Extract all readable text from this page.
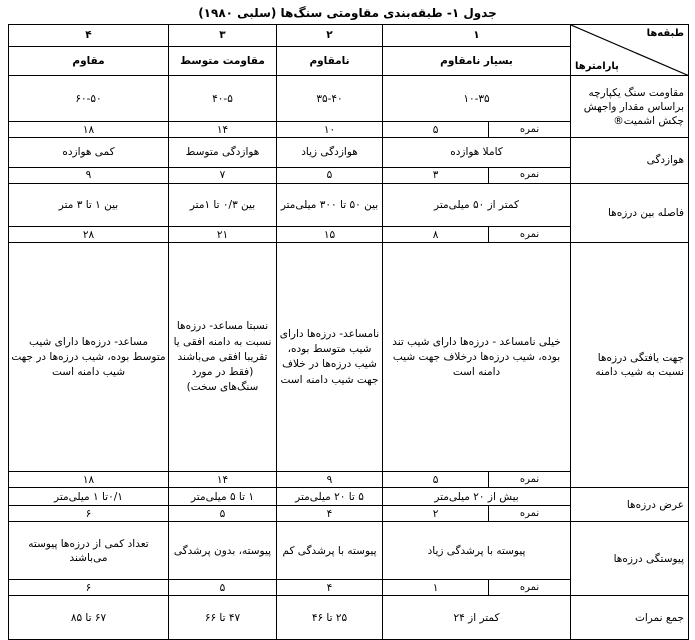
جدول ۱- طبقه‌بندی مقاومتی سنگ‌ها (سلبی ۱۹۸۰)
طبقه‌ها
پارامترها	۱		۲	۳	۴	
	بسیار نامقاوم		نامقاوم	مقاومت متوسط	مقاوم	
مقاومت سنگ یکپارچه براساس مقدار واجهش چکش اشمیت®	۱۰-۳۵		۳۵-۴۰	۴۰-۵	۶۰-۵۰	
	نمره	۵	۱۰	۱۴	۱۸	
هوازدگی	کاملا هوازده		هوازدگی زیاد	هوازدگی متوسط	کمی هوازده	
	نمره	۳	۵	۷	۹	
فاصله بین درزه‌ها	کمتر از ۵۰ میلی‌متر		بین ۵۰ تا ۳۰۰ میلی‌متر	بین ۰/۳ تا ۱متر	بین ۱ تا ۳ متر	
	نمره	۸	۱۵	۲۱	۲۸	
جهت یافتگی درزه‌ها نسبت به شیب دامنه	خیلی نامساعد - درزه‌ها دارای شیب تند بوده، شیب درزه‌ها درخلاف جهت شیب دامنه است		نامساعد- درزه‌ها دارای شیب متوسط بوده، شیب درزه‌ها در خلاف جهت شیب دامنه است	نسبتا مساعد- درزه‌ها نسبت به دامنه افقی یا تقریبا افقی می‌باشند (فقط در مورد سنگ‌های سخت)	مساعد- درزه‌ها دارای شیب متوسط بوده، شیب درزه‌ها در جهت شیب دامنه است	
	نمره	۵	۹	۱۴	۱۸	
عرض درزه‌ها	بیش از ۲۰ میلی‌متر		۵ تا ۲۰ میلی‌متر	۱ تا ۵ میلی‌متر	۰/۱تا ۱ میلی‌متر	
	نمره	۲	۴	۵	۶	
پیوستگی درزه‌ها	پیوسته با پرشدگی زیاد		پیوسته با پرشدگی کم	پیوسته، بدون پرشدگی	تعداد کمی از درزه‌ها پیوسته می‌باشند	
	نمره	۱	۴	۵	۶	
جمع نمرات	کمتر از ۲۴		۲۵ تا ۴۶	۴۷ تا ۶۶	۶۷ تا ۸۵	
